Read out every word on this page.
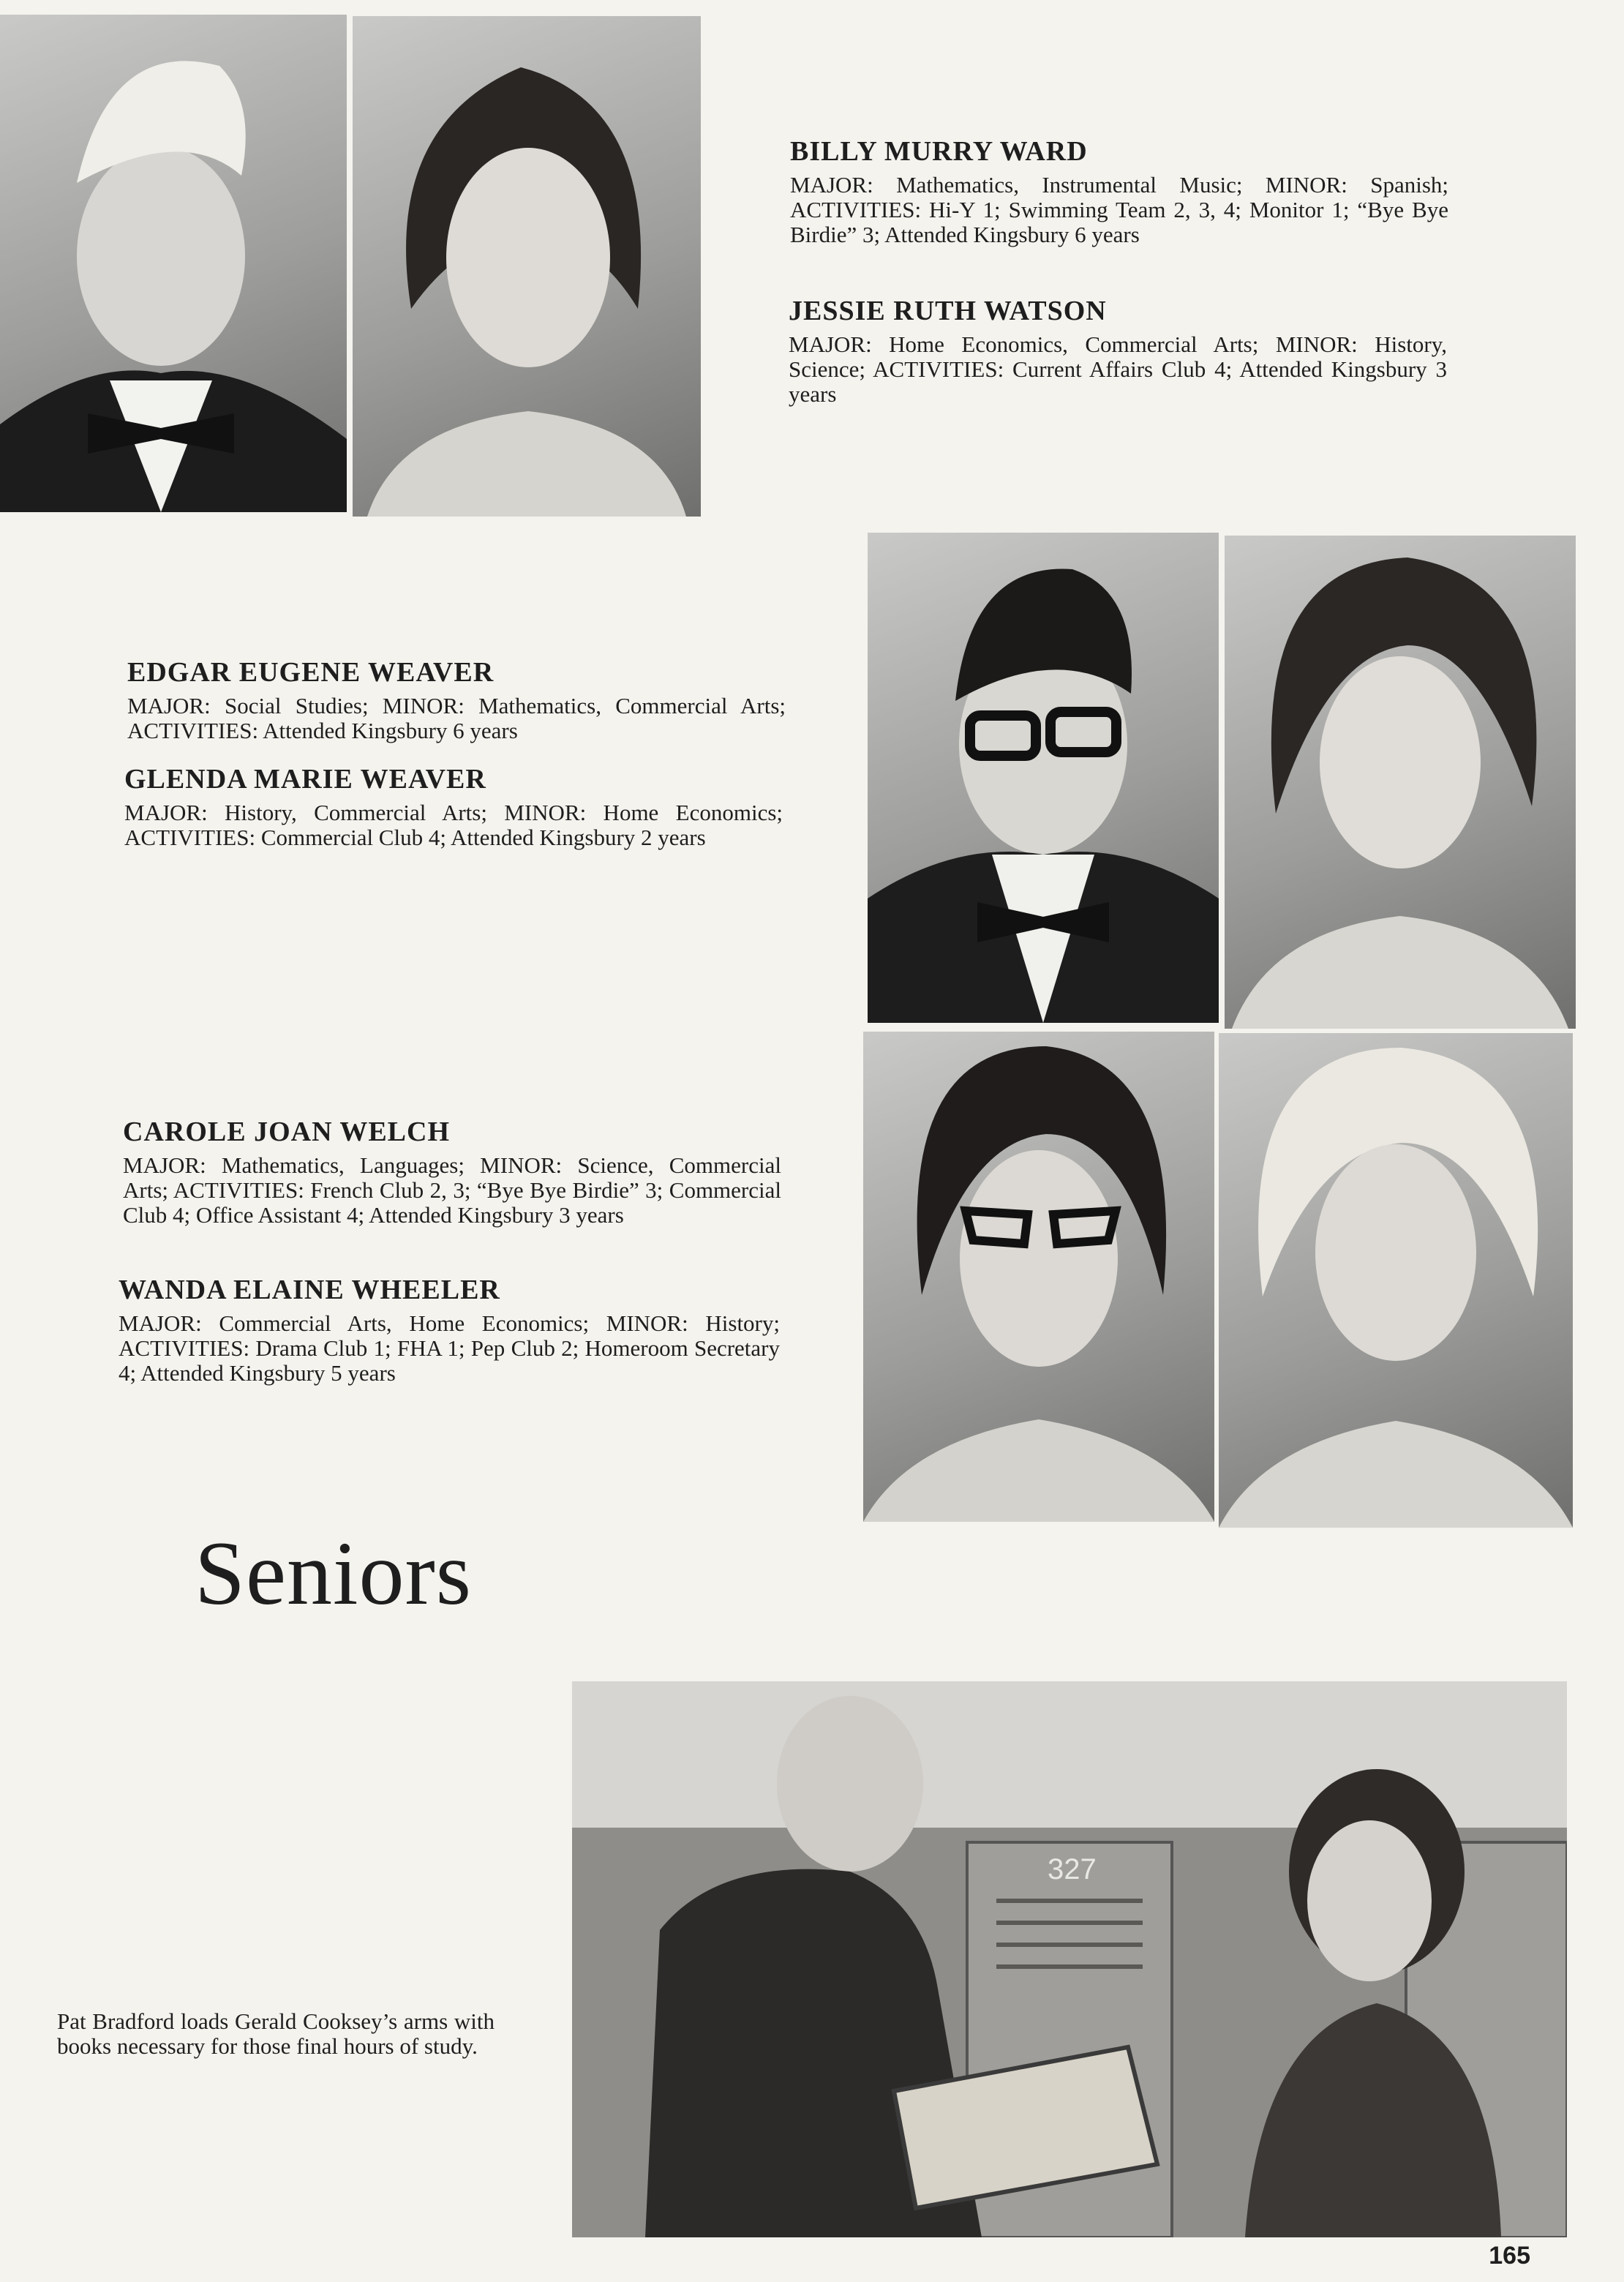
BILLY MURRY WARD

MAJOR: Mathematics, Instrumental Music; MINOR: Spanish; ACTIVITIES: Hi-Y 1; Swimming Team 2, 3, 4; Monitor 1; “Bye Bye Birdie” 3; Attended Kingsbury 6 years

JESSIE RUTH WATSON

MAJOR: Home Economics, Commercial Arts; MINOR: History, Science; ACTIVITIES: Current Affairs Club 4; Attended Kingsbury 3 years

EDGAR EUGENE WEAVER

MAJOR: Social Studies; MINOR: Mathematics, Commercial Arts; ACTIVITIES: Attended Kingsbury 6 years

GLENDA MARIE WEAVER

MAJOR: History, Commercial Arts; MINOR: Home Economics; ACTIVITIES: Commercial Club 4; Attended Kingsbury 2 years

CAROLE JOAN WELCH

MAJOR: Mathematics, Languages; MINOR: Science, Commercial Arts; ACTIVITIES: French Club 2, 3; “Bye Bye Birdie” 3; Commercial Club 4; Office Assistant 4; Attended Kingsbury 3 years

WANDA ELAINE WHEELER

MAJOR: Commercial Arts, Home Economics; MINOR: History; ACTIVITIES: Drama Club 1; FHA 1; Pep Club 2; Homeroom Secretary 4; Attended Kingsbury 5 years

Seniors
327

Pat Bradford loads Gerald Cooksey’s arms with books necessary for those final hours of study.

165
